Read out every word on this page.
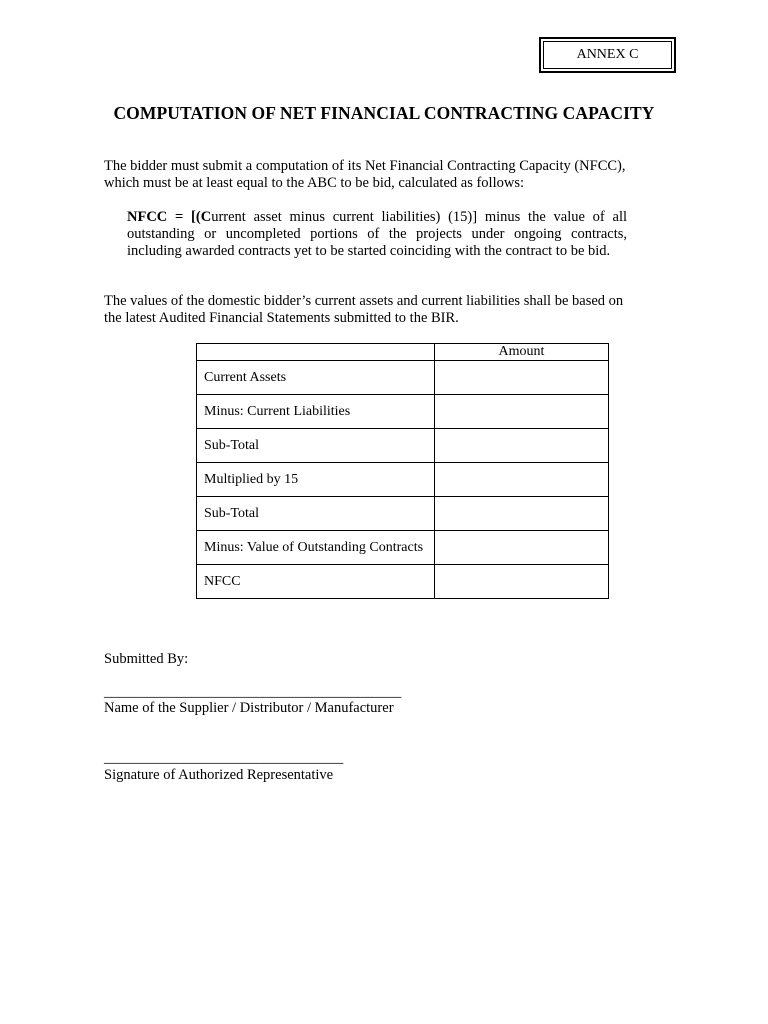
ANNEX C
COMPUTATION OF NET FINANCIAL CONTRACTING CAPACITY
The bidder must submit a computation of its Net Financial Contracting Capacity (NFCC),
which must be at least equal to the ABC to be bid, calculated as follows:
NFCC = [(Current asset minus current liabilities) (15)] minus the value of all outstanding or uncompleted portions of the projects under ongoing contracts, including awarded contracts yet to be started coinciding with the contract to be bid.
The values of the domestic bidder’s current assets and current liabilities shall be based on
the latest Audited Financial Statements submitted to the BIR.
	Amount
Current Assets	
Minus: Current Liabilities	
Sub-Total	
Multiplied by 15	
Sub-Total	
Minus: Value of Outstanding Contracts	
NFCC	
Submitted By:
_________________________________________
Name of the Supplier / Distributor / Manufacturer
_________________________________
Signature of Authorized Representative
